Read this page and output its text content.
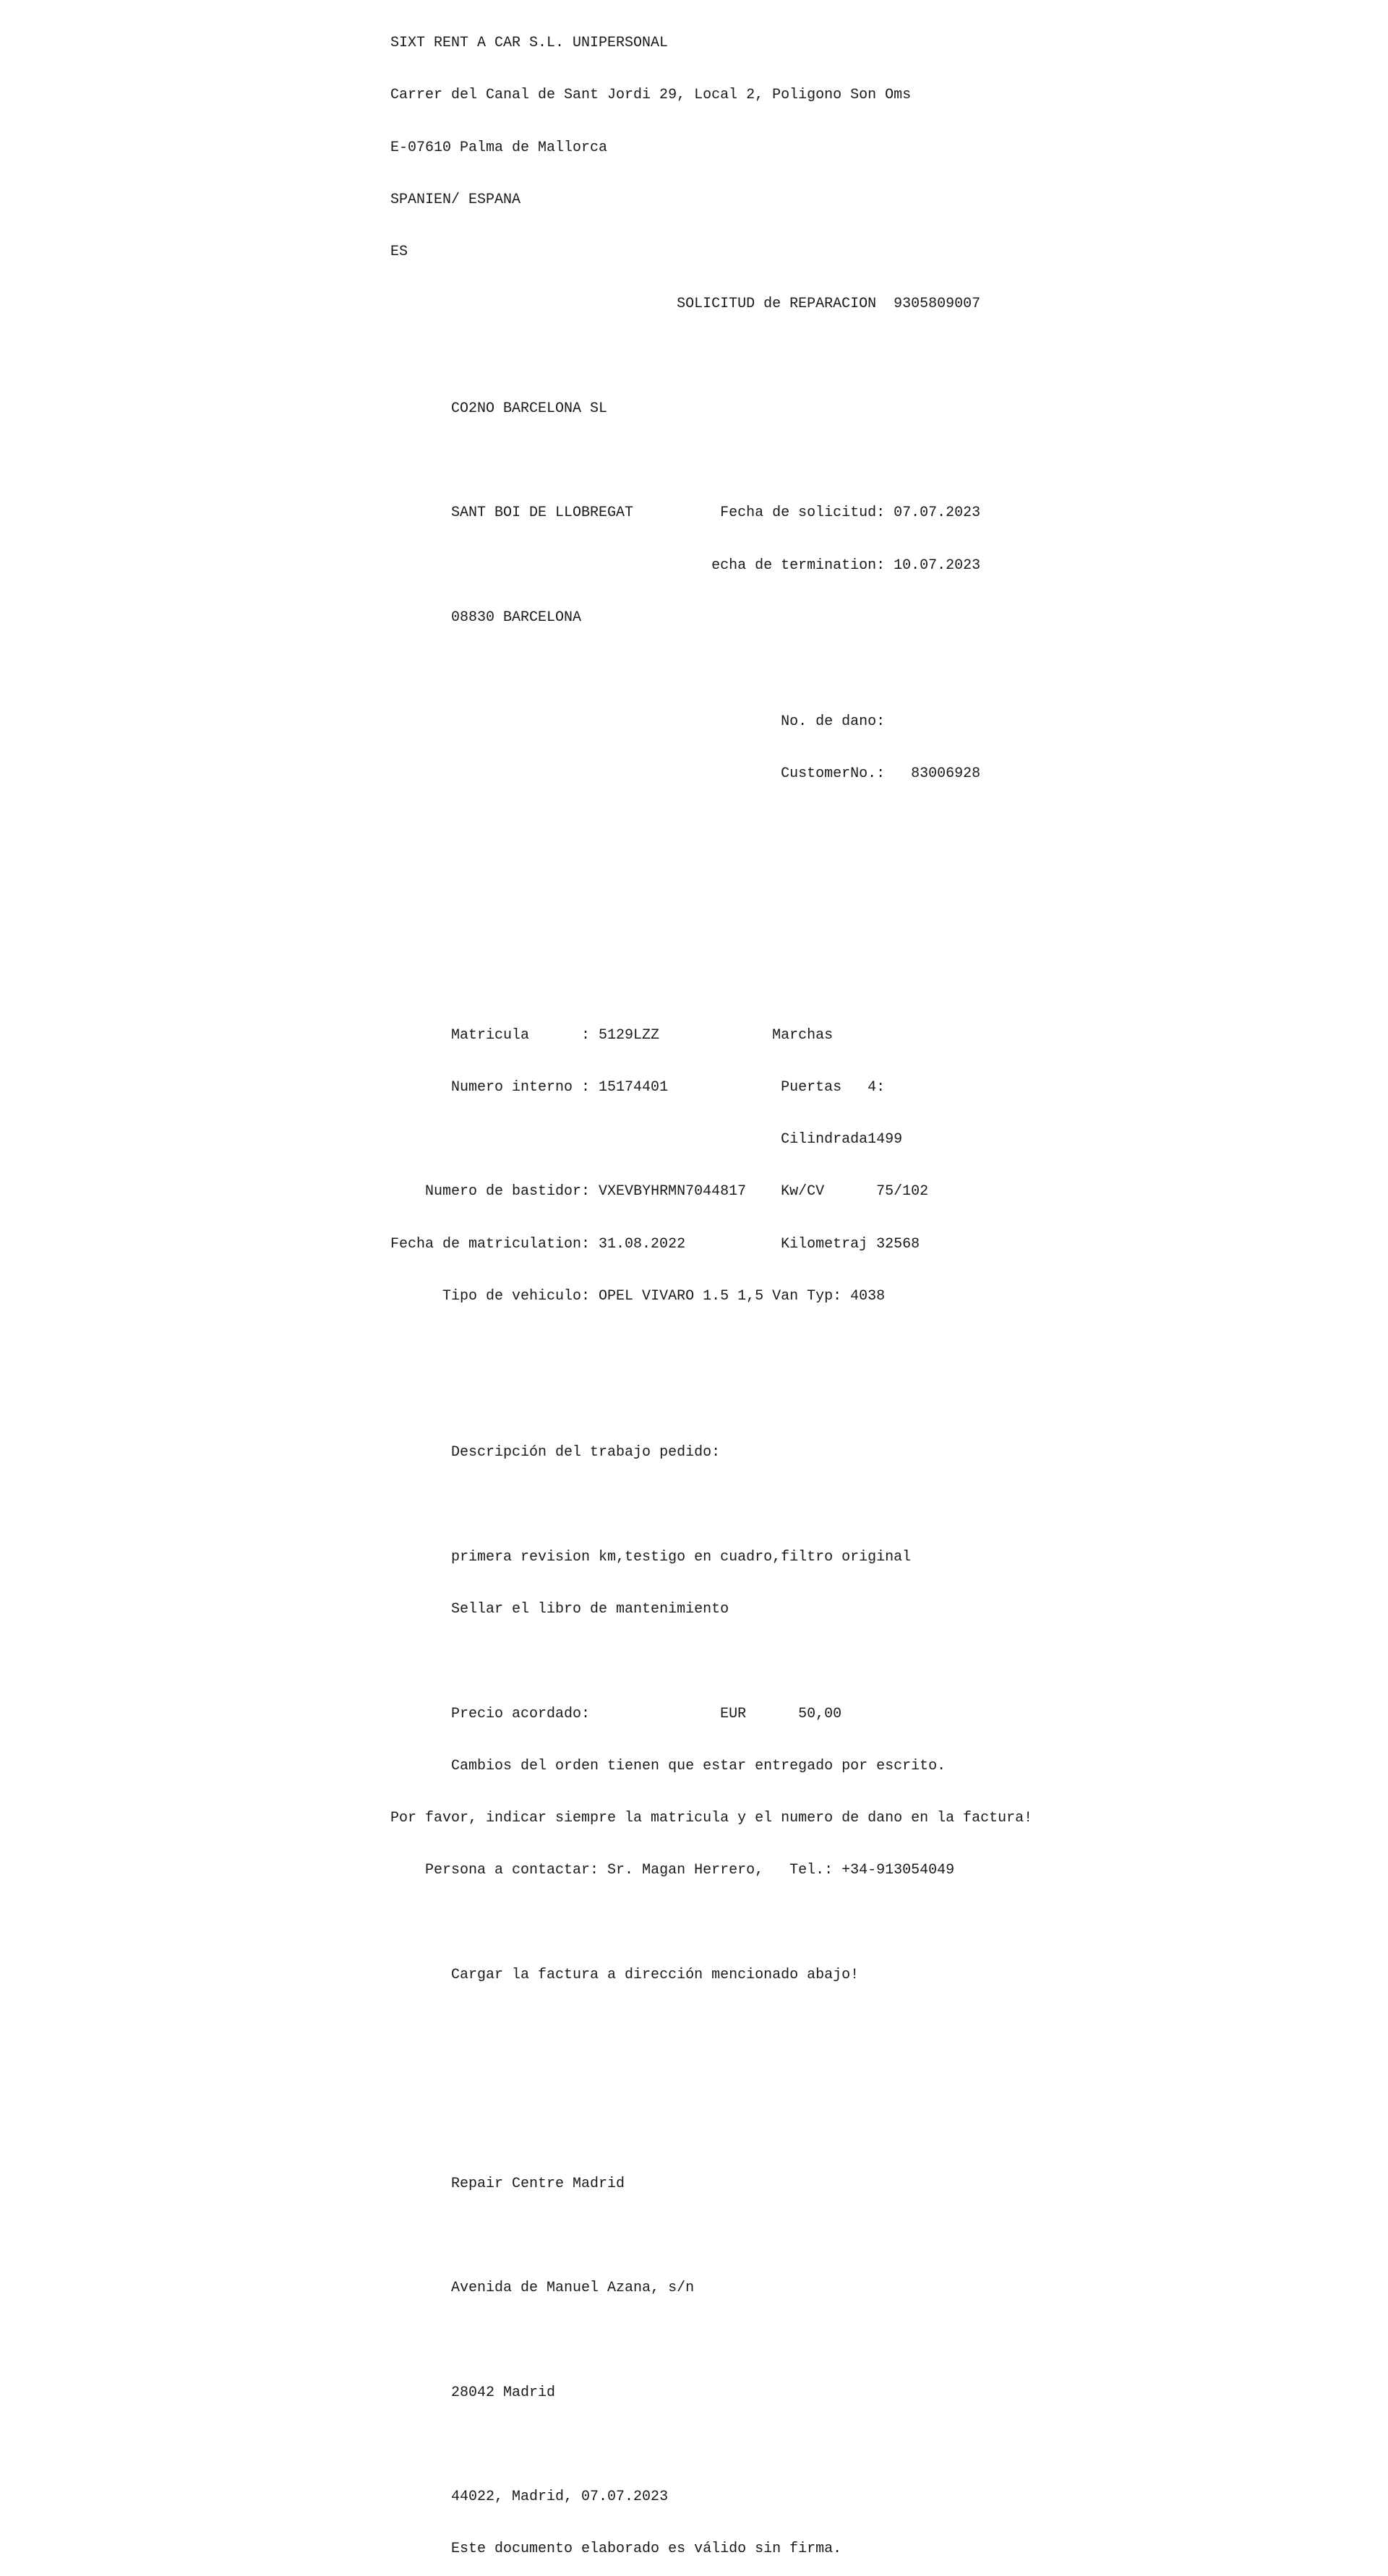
SIXT RENT A CAR S.L. UNIPERSONAL

Carrer del Canal de Sant Jordi 29, Local 2, Poligono Son Oms

E-07610 Palma de Mallorca

SPANIEN/ ESPANA

ES

SOLICITUD de REPARACION  9305809007

CO2NO BARCELONA SL

SANT BOI DE LLOBREGAT	Fecha de solicitud: 07.07.2023

echa de termination: 10.07.2023

08830 BARCELONA

No. de dano:

CustomerNo.:   83006928

Matricula      : 5129LZZ	Marchas

Numero interno : 15174401	Puertas   4:

Cilindrada1499

Numero de bastidor: VXEVBYHRMN7044817 Kw/CV      75/102

Fecha de matriculation: 31.08.2022	Kilometraj 32568

Tipo de vehiculo: OPEL VIVARO 1.5 1,5 Van Typ: 4038

Descripción del trabajo pedido:

primera revision km,testigo en cuadro,filtro original

Sellar el libro de mantenimiento

Precio acordado:               EUR      50,00

Cambios del orden tienen que estar entregado por escrito.

Por favor, indicar siempre la matricula y el numero de dano en la factura!

Persona a contactar: Sr. Magan Herrero,   Tel.: +34-913054049

Cargar la factura a dirección mencionado abajo!

Repair Centre Madrid

Avenida de Manuel Azana, s/n

28042 Madrid

44022, Madrid, 07.07.2023

Este documento elaborado es válido sin firma.
